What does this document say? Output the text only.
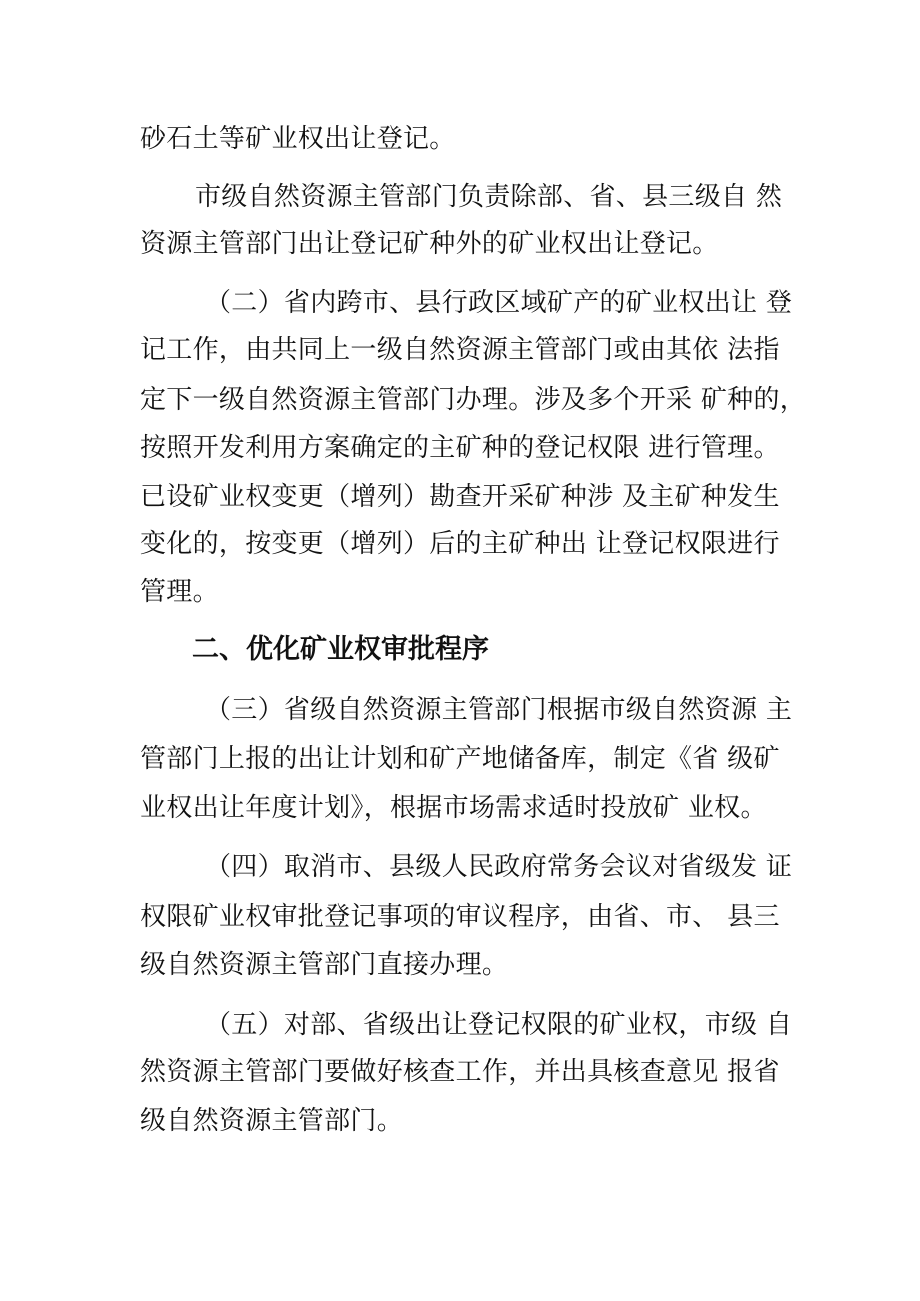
砂石土等矿业权出让登记。
市级自然资源主管部门负责除部、省、县三级自 然
资源主管部门出让登记矿种外的矿业权出让登记。
（二）省内跨市、县行政区域矿产的矿业权出让 登
记工作，由共同上一级自然资源主管部门或由其依 法指
定下一级自然资源主管部门办理。涉及多个开采 矿种的，
按照开发利用方案确定的主矿种的登记权限 进行管理。
已设矿业权变更（增列）勘查开采矿种涉 及主矿种发生
变化的，按变更（增列）后的主矿种出 让登记权限进行
管理。
二、优化矿业权审批程序
（三）省级自然资源主管部门根据市级自然资源 主
管部门上报的出让计划和矿产地储备库，制定《省 级矿
业权出让年度计划》，根据市场需求适时投放矿 业权。
（四）取消市、县级人民政府常务会议对省级发 证
权限矿业权审批登记事项的审议程序，由省、市、 县三
级自然资源主管部门直接办理。
（五）对部、省级出让登记权限的矿业权，市级 自
然资源主管部门要做好核查工作，并出具核查意见 报省
级自然资源主管部门。
